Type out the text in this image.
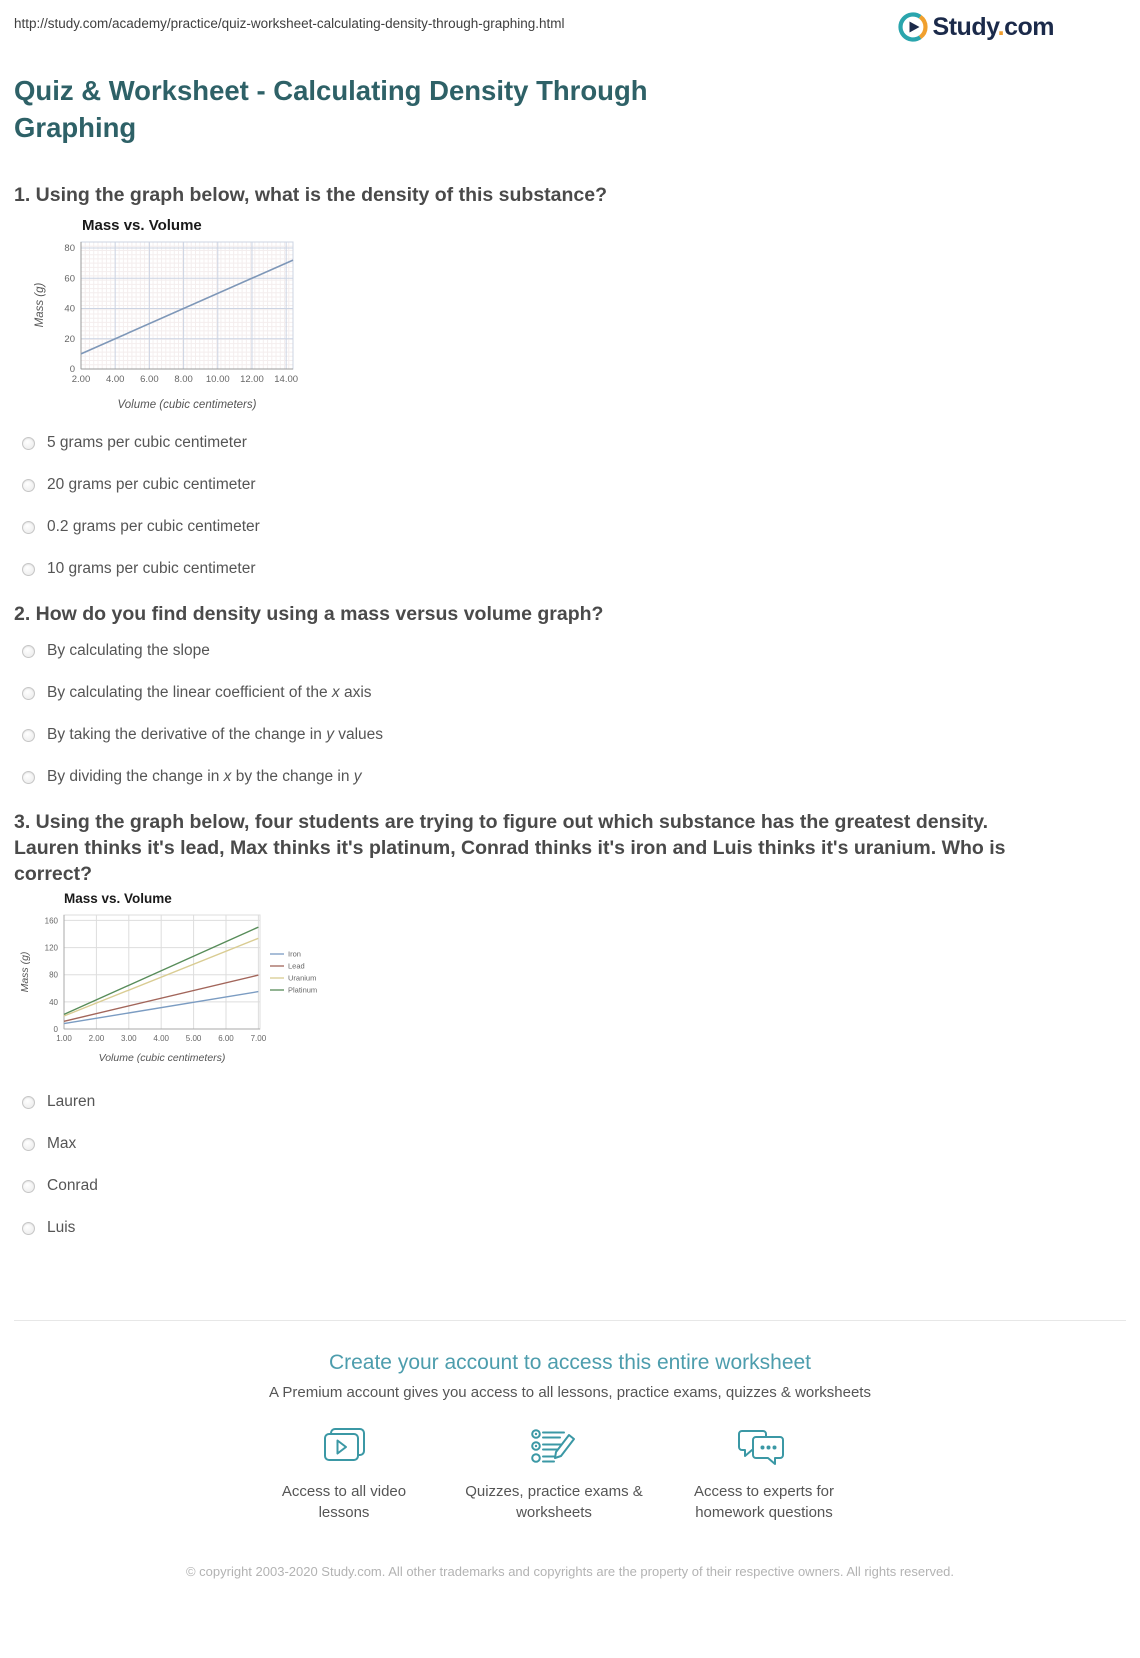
http://study.com/academy/practice/quiz-worksheet-calculating-density-through-graphing.html	Study.com
Quiz & Worksheet - Calculating Density Through Graphing
1. Using the graph below, what is the density of this substance?
0
20
40
60
80
2.00 4.00 6.00 8.00 10.00 12.00 14.00
Mass vs. Volume
Volume (cubic centimeters)
Mass (g)
5 grams per cubic centimeter
20 grams per cubic centimeter
0.2 grams per cubic centimeter
10 grams per cubic centimeter
2. How do you find density using a mass versus volume graph?
By calculating the slope
By calculating the linear coefficient of the x axis
By taking the derivative of the change in y values
By dividing the change in x by the change in y
3. Using the graph below, four students are trying to figure out which substance has the greatest density. Lauren thinks it's lead, Max thinks it's platinum, Conrad thinks it's iron and Luis thinks it's uranium. Who is correct?
0
40
80
120
160
1.00 2.00 3.00 4.00 5.00 6.00 7.00
Mass vs. Volume
Volume (cubic centimeters)
Mass (g)	Iron
Lead
Uranium
Platinum
Lauren
Max
Conrad
Luis
Create your account to access this entire worksheet
A Premium account gives you access to all lessons, practice exams, quizzes & worksheets
Access to all video lessons
Quizzes, practice exams & worksheets
Access to experts for homework questions
© copyright 2003-2020 Study.com. All other trademarks and copyrights are the property of their respective owners. All rights reserved.
